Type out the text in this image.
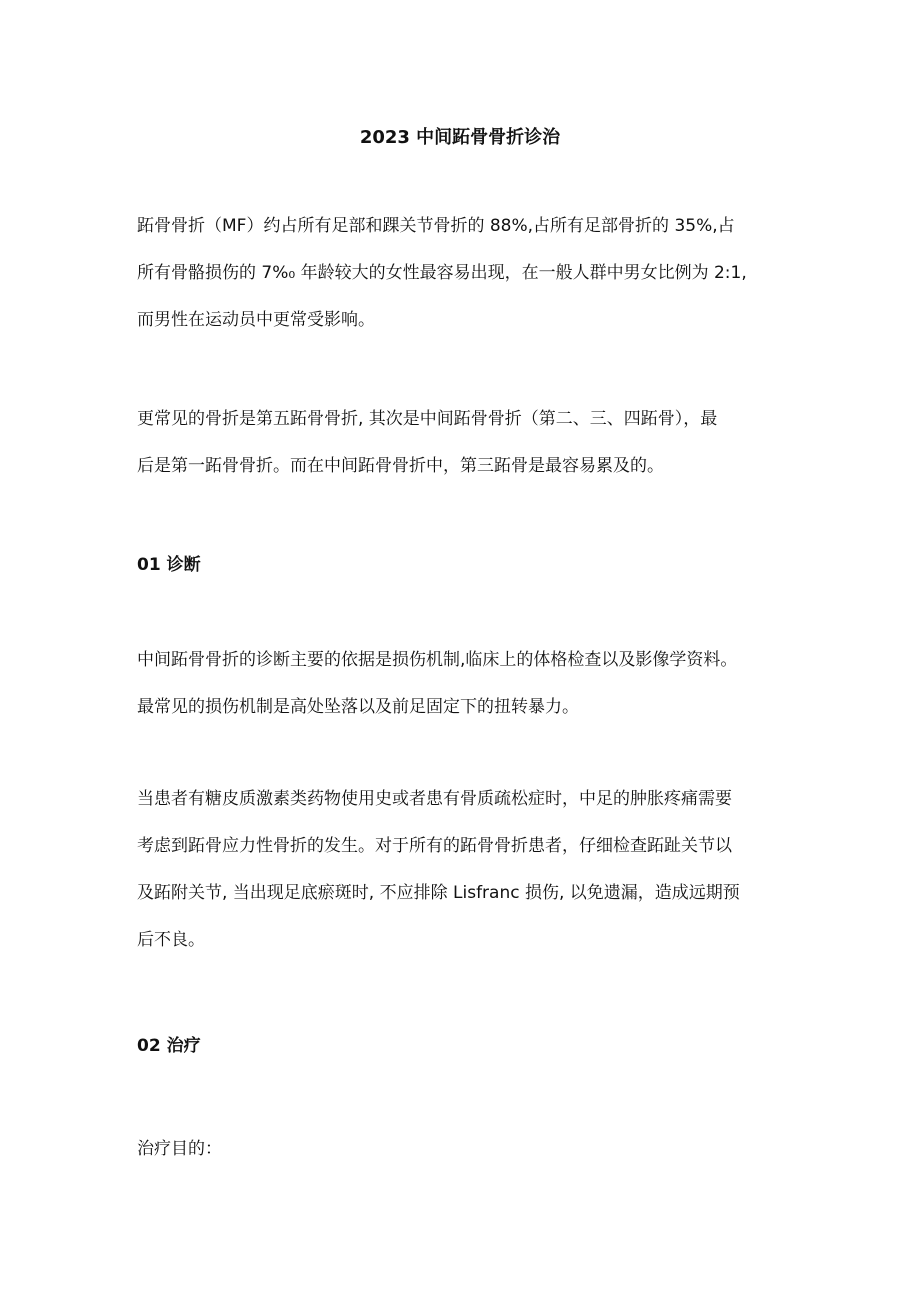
2023 中间跖骨骨折诊治

跖骨骨折（MF）约占所有足部和踝关节骨折的 88%,占所有足部骨折的 35%,占
所有骨骼损伤的 7%₀ 年龄较大的女性最容易出现，在一般人群中男女比例为 2:1,
而男性在运动员中更常受影响。

更常见的骨折是第五跖骨骨折, 其次是中间跖骨骨折（第二、三、四跖骨），最
后是第一跖骨骨折。而在中间跖骨骨折中，第三跖骨是最容易累及的。

01 诊断

中间跖骨骨折的诊断主要的依据是损伤机制,临床上的体格检查以及影像学资料。
最常见的损伤机制是高处坠落以及前足固定下的扭转暴力。

当患者有糖皮质激素类药物使用史或者患有骨质疏松症时，中足的肿胀疼痛需要
考虑到跖骨应力性骨折的发生。对于所有的跖骨骨折患者，仔细检查跖趾关节以
及跖附关节, 当出现足底瘀斑时, 不应排除 Lisfranc 损伤, 以免遗漏，造成远期预
后不良。

02 治疗

治疗目的：
